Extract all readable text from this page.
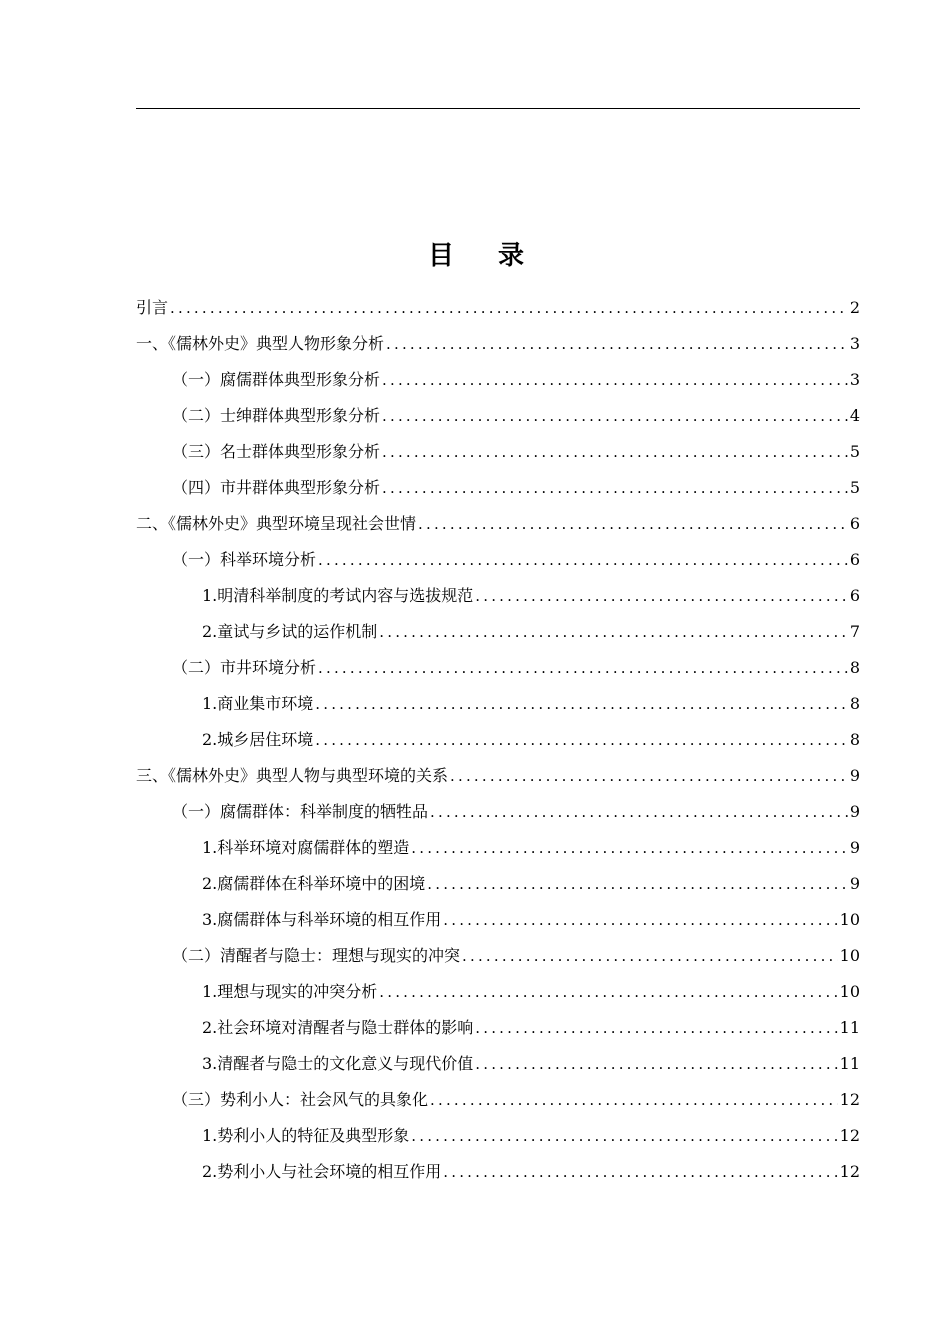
目录
引言 .....	2
一、《儒林外史》典型人物形象分析 .....	3
（一）腐儒群体典型形象分析 .....	3
（二）士绅群体典型形象分析 .....	4
（三）名士群体典型形象分析 .....	5
（四）市井群体典型形象分析 .....	5
二、《儒林外史》典型环境呈现社会世情 .....	6
（一）科举环境分析 .....	6
1.明清科举制度的考试内容与选拔规范 .....	6
2.童试与乡试的运作机制 .....	7
（二）市井环境分析 .....	8
1.商业集市环境 .....	8
2.城乡居住环境 .....	8
三、《儒林外史》典型人物与典型环境的关系 .....	9
（一）腐儒群体：科举制度的牺牲品 .....	9
1.科举环境对腐儒群体的塑造 .....	9
2.腐儒群体在科举环境中的困境 .....	9
3.腐儒群体与科举环境的相互作用 .....	10
（二）清醒者与隐士：理想与现实的冲突 .....	10
1.理想与现实的冲突分析 .....	10
2.社会环境对清醒者与隐士群体的影响 .....	11
3.清醒者与隐士的文化意义与现代价值 .....	11
（三）势利小人：社会风气的具象化 .....	12
1.势利小人的特征及典型形象 .....	12
2.势利小人与社会环境的相互作用 .....	12
